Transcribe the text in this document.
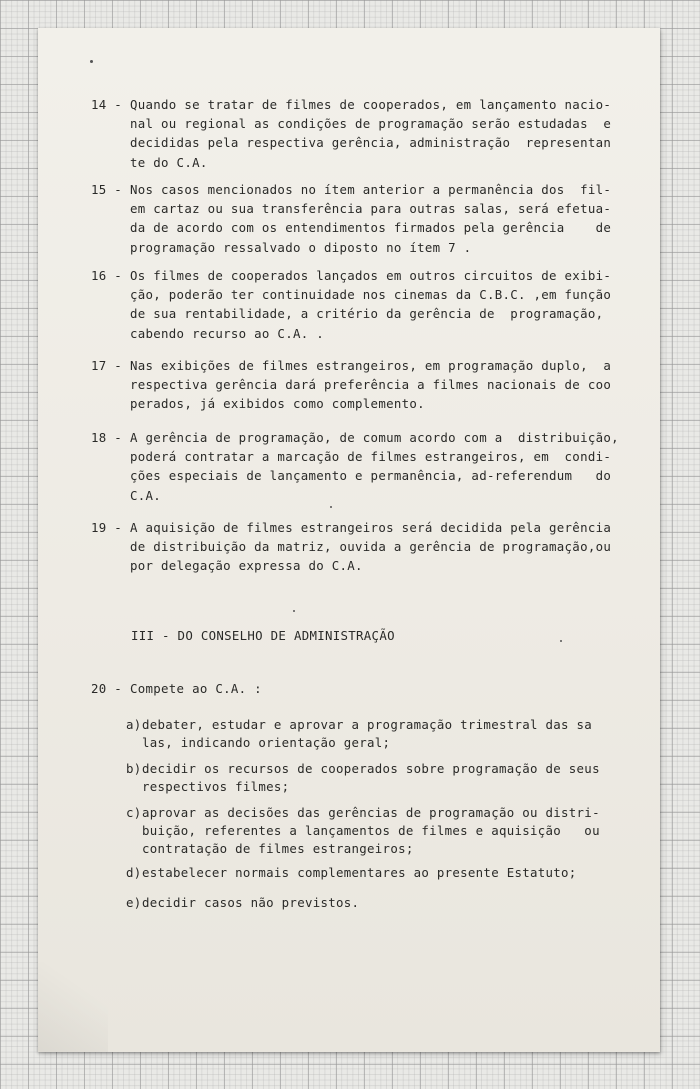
14 - Quando se tratar de filmes de cooperados, em lançamento nacio-
nal ou regional as condições de programação serão estudadas  e
decididas pela respectiva gerência, administração  representan
te do C.A.
15 - Nos casos mencionados no ítem anterior a permanência dos  fil-
em cartaz ou sua transferência para outras salas, será efetua-
da de acordo com os entendimentos firmados pela gerência    de
programação ressalvado o diposto no ítem 7 .
16 - Os filmes de cooperados lançados em outros circuitos de exibi-
ção, poderão ter continuidade nos cinemas da C.B.C. ,em função
de sua rentabilidade, a critério da gerência de  programação,
cabendo recurso ao C.A. .
17 - Nas exibições de filmes estrangeiros, em programação duplo,  a
respectiva gerência dará preferência a filmes nacionais de coo
perados, já exibidos como complemento.
18 - A gerência de programação, de comum acordo com a  distribuição,
poderá contratar a marcação de filmes estrangeiros, em  condi-
ções especiais de lançamento e permanência, ad-referendum   do
C.A.
19 - A aquisição de filmes estrangeiros será decidida pela gerência
de distribuição da matriz, ouvida a gerência de programação,ou
por delegação expressa do C.A.
III - DO CONSELHO DE ADMINISTRAÇÃO
20 - Compete ao C.A. :
a) debater, estudar e aprovar a programação trimestral das sa
las, indicando orientação geral;
b) decidir os recursos de cooperados sobre programação de seus
respectivos filmes;
c) aprovar as decisões das gerências de programação ou distri-
buição, referentes a lançamentos de filmes e aquisição   ou
contratação de filmes estrangeiros;
d) estabelecer normais complementares ao presente Estatuto;
e) decidir casos não previstos.
